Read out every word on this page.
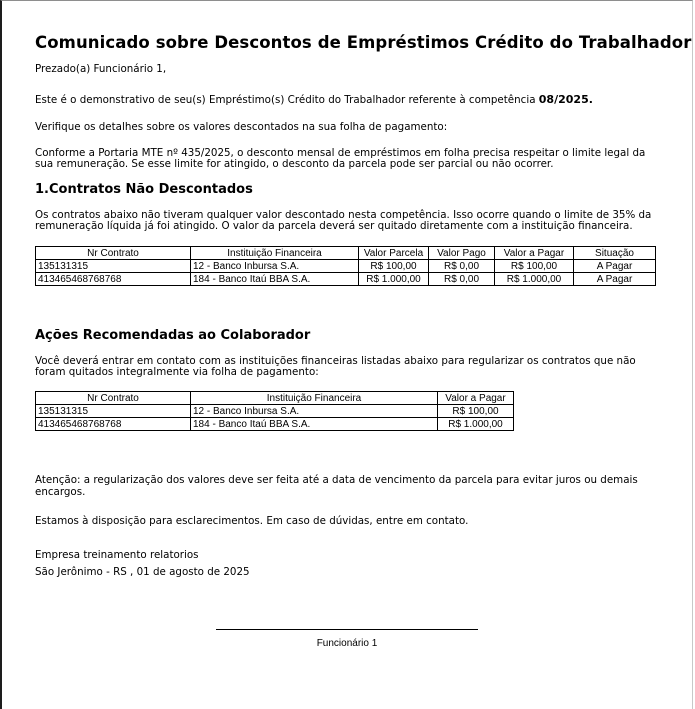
Comunicado sobre Descontos de Empréstimos Crédito do Trabalhador
Prezado(a) Funcionário 1,
Este é o demonstrativo de seu(s) Empréstimo(s) Crédito do Trabalhador referente à competência 08/2025.
Verifique os detalhes sobre os valores descontados na sua folha de pagamento:
Conforme a Portaria MTE nº 435/2025, o desconto mensal de empréstimos em folha precisa respeitar o limite legal da
sua remuneração. Se esse limite for atingido, o desconto da parcela pode ser parcial ou não ocorrer.
1.Contratos Não Descontados
Os contratos abaixo não tiveram qualquer valor descontado nesta competência. Isso ocorre quando o limite de 35% da
remuneração líquida já foi atingido. O valor da parcela deverá ser quitado diretamente com a instituição financeira.
Nr Contrato	Instituição Financeira	Valor Parcela	Valor Pago	Valor a Pagar	Situação
135131315	12 - Banco Inbursa S.A.	R$ 100,00	R$ 0,00	R$ 100,00	A Pagar
413465468768768	184 - Banco Itaú BBA S.A.	R$ 1.000,00	R$ 0,00	R$ 1.000,00	A Pagar
Ações Recomendadas ao Colaborador
Você deverá entrar em contato com as instituições financeiras listadas abaixo para regularizar os contratos que não
foram quitados integralmente via folha de pagamento:
Nr Contrato	Instituição Financeira	Valor a Pagar
135131315	12 - Banco Inbursa S.A.	R$ 100,00
413465468768768	184 - Banco Itaú BBA S.A.	R$ 1.000,00
Atenção: a regularização dos valores deve ser feita até a data de vencimento da parcela para evitar juros ou demais
encargos.
Estamos à disposição para esclarecimentos. Em caso de dúvidas, entre em contato.
Empresa treinamento relatorios
São Jerônimo - RS , 01 de agosto de 2025
Funcionário 1
